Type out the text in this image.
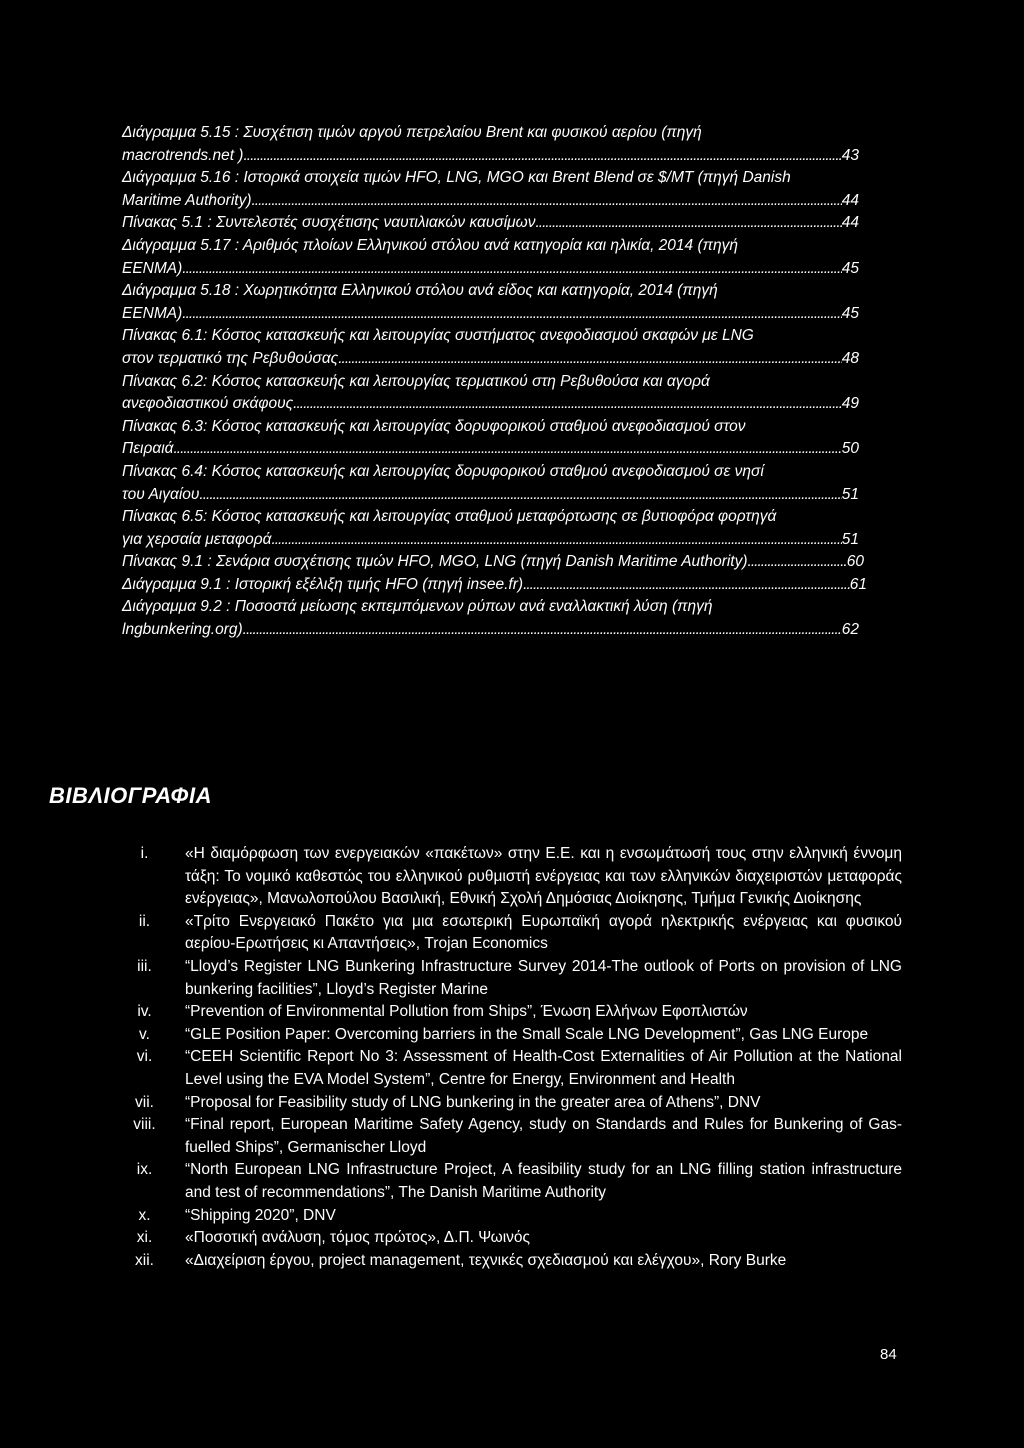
Διάγραμμα 5.15 : Συσχέτιση τιμών αργού πετρελαίου Brent και φυσικού αερίου (πηγή
macrotrends.net ) .....	43
Διάγραμμα 5.16 : Ιστορικά στοιχεία τιμών HFO, LNG, MGO και Brent Blend σε $/MT (πηγή Danish
Maritime Authority) .....	44
Πίνακας 5.1 : Συντελεστές συσχέτισης ναυτιλιακών καυσίμων .....	44
Διάγραμμα 5.17 : Αριθμός πλοίων Ελληνικού στόλου ανά κατηγορία και ηλικία, 2014 (πηγή
ΕΕΝΜΑ) .....	45
Διάγραμμα 5.18 : Χωρητικότητα Ελληνικού στόλου ανά είδος και κατηγορία, 2014 (πηγή
ΕΕΝΜΑ) .....	45
Πίνακας 6.1: Κόστος κατασκευής και λειτουργίας συστήματος ανεφοδιασμού σκαφών με LNG
στον τερματικό της Ρεβυθούσας .....	48
Πίνακας 6.2: Κόστος κατασκευής και λειτουργίας τερματικού στη Ρεβυθούσα και αγορά
ανεφοδιαστικού σκάφους .....	49
Πίνακας 6.3: Κόστος κατασκευής και λειτουργίας δορυφορικού σταθμού ανεφοδιασμού στον
Πειραιά .....	50
Πίνακας 6.4: Κόστος κατασκευής και λειτουργίας δορυφορικού σταθμού ανεφοδιασμού σε νησί
του Αιγαίου .....	51
Πίνακας 6.5: Κόστος κατασκευής και λειτουργίας σταθμού μεταφόρτωσης σε βυτιοφόρα φορτηγά
για χερσαία μεταφορά .....	51
Πίνακας 9.1 : Σενάρια συσχέτισης τιμών HFO, MGO, LNG (πηγή Danish Maritime Authority) .....	60
Διάγραμμα 9.1 : Ιστορική εξέλιξη τιμής HFO (πηγή insee.fr) .....	61
Διάγραμμα 9.2 : Ποσοστά μείωσης εκπεμπόμενων ρύπων ανά εναλλακτική λύση (πηγή
lngbunkering.org) .....	62
ΒΙΒΛΙΟΓΡΑΦΙΑ
i.	«Η διαμόρφωση των ενεργειακών «πακέτων» στην Ε.Ε. και η ενσωμάτωσή τους στην ελληνική έννομη τάξη: Το νομικό καθεστώς του ελληνικού ρυθμιστή ενέργειας και των ελληνικών διαχειριστών μεταφοράς ενέργειας», Μανωλοπούλου Βασιλική, Εθνική Σχολή Δημόσιας Διοίκησης, Τμήμα Γενικής Διοίκησης
ii.	«Τρίτο Ενεργειακό Πακέτο για μια εσωτερική Ευρωπαϊκή αγορά ηλεκτρικής ενέργειας και φυσικού αερίου-Ερωτήσεις κι Απαντήσεις», Trojan Economics
iii.	“Lloyd’s Register LNG Bunkering Infrastructure Survey 2014-The outlook of Ports on provision of LNG bunkering facilities”, Lloyd’s Register Marine
iv.	“Prevention of Environmental Pollution from Ships”, Ένωση Ελλήνων Εφοπλιστών
v.	“GLE Position Paper: Overcoming barriers in the Small Scale LNG Development”, Gas LNG Europe
vi.	“CEEH Scientific Report No 3: Assessment of Health-Cost Externalities of Air Pollution at the National Level using the EVA Model System”, Centre for Energy, Environment and Health
vii.	“Proposal for Feasibility study of LNG bunkering in the greater area of Athens”, DNV
viii.	“Final report, European Maritime Safety Agency, study on Standards and Rules for Bunkering of Gas-fuelled Ships”, Germanischer Lloyd
ix.	“North European LNG Infrastructure Project, A feasibility study for an LNG filling station infrastructure and test of recommendations”, The Danish Maritime Authority
x.	“Shipping 2020”, DNV
xi.	«Ποσοτική ανάλυση, τόμος πρώτος», Δ.Π. Ψωινός
xii.	«Διαχείριση έργου, project management, τεχνικές σχεδιασμού και ελέγχου», Rory Burke
84
